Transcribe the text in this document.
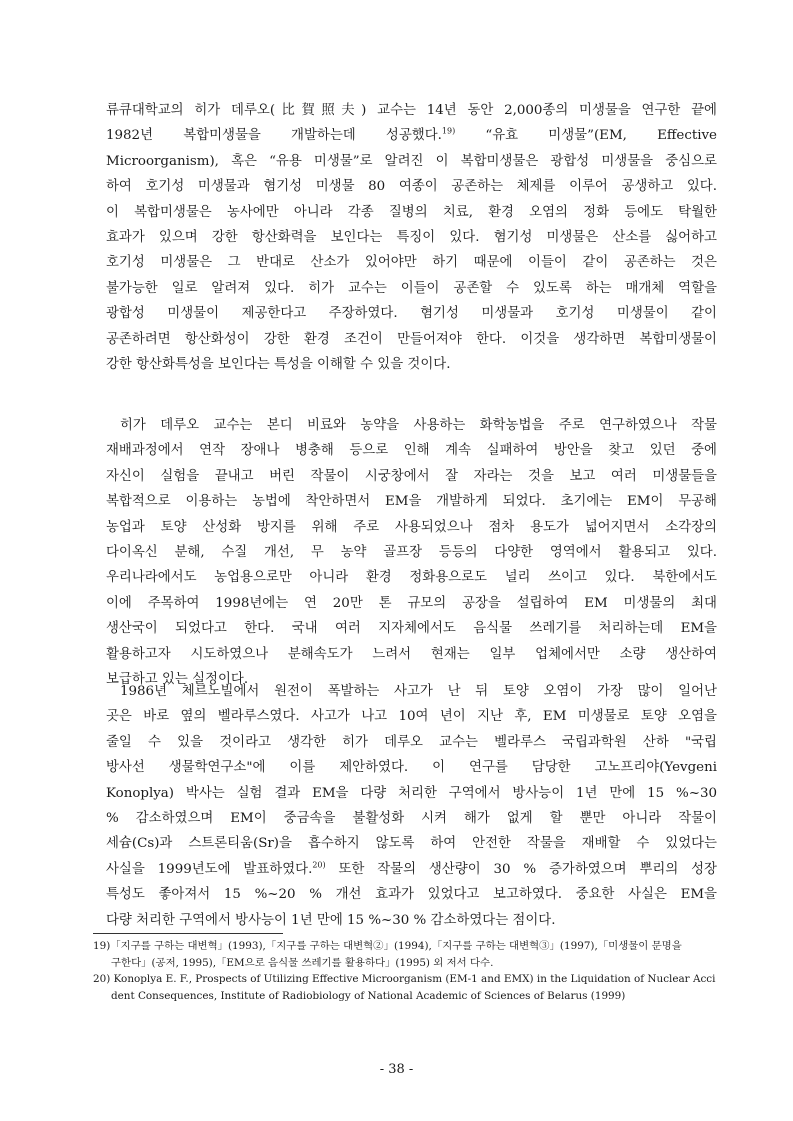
류큐대학교의 히가 데루오(比賀照夫) 교수는 14년 동안 2,000종의 미생물을 연구한 끝에
1982년 복합미생물을 개발하는데 성공했다.$^{19)}$ “유효 미생물”(EM, Effective
Microorganism), 혹은 “유용 미생물”로 알려진 이 복합미생물은 광합성 미생물을 중심으로
하여 호기성 미생물과 혐기성 미생물 80 여종이 공존하는 체제를 이루어 공생하고 있다.
이 복합미생물은 농사에만 아니라 각종 질병의 치료, 환경 오염의 정화 등에도 탁월한
효과가 있으며 강한 항산화력을 보인다는 특징이 있다. 혐기성 미생물은 산소를 싫어하고
호기성 미생물은 그 반대로 산소가 있어야만 하기 때문에 이들이 같이 공존하는 것은
불가능한 일로 알려져 있다. 히가 교수는 이들이 공존할 수 있도록 하는 매개체 역할을
광합성 미생물이 제공한다고 주장하였다. 혐기성 미생물과 호기성 미생물이 같이
공존하려면 항산화성이 강한 환경 조건이 만들어져야 한다. 이것을 생각하면 복합미생물이
강한 항산화특성을 보인다는 특성을 이해할 수 있을 것이다.

히가 데루오 교수는 본디 비료와 농약을 사용하는 화학농법을 주로 연구하였으나 작물
재배과정에서 연작 장애나 병충해 등으로 인해 계속 실패하여 방안을 찾고 있던 중에
자신이 실험을 끝내고 버린 작물이 시궁창에서 잘 자라는 것을 보고 여러 미생물들을
복합적으로 이용하는 농법에 착안하면서 EM을 개발하게 되었다. 초기에는 EM이 무공해
농업과 토양 산성화 방지를 위해 주로 사용되었으나 점차 용도가 넓어지면서 소각장의
다이옥신 분해, 수질 개선, 무 농약 골프장 등등의 다양한 영역에서 활용되고 있다.
우리나라에서도 농업용으로만 아니라 환경 정화용으로도 널리 쓰이고 있다. 북한에서도
이에 주목하여 1998년에는 연 20만 톤 규모의 공장을 설립하여 EM 미생물의 최대
생산국이 되었다고 한다. 국내 여러 지자체에서도 음식물 쓰레기를 처리하는데 EM을
활용하고자 시도하였으나 분해속도가 느려서 현재는 일부 업체에서만 소량 생산하여
보급하고 있는 실정이다.

1986년 체르노빌에서 원전이 폭발하는 사고가 난 뒤 토양 오염이 가장 많이 일어난
곳은 바로 옆의 벨라루스였다. 사고가 나고 10여 년이 지난 후, EM 미생물로 토양 오염을
줄일 수 있을 것이라고 생각한 히가 데루오 교수는 벨라루스 국립과학원 산하 "국립
방사선 생물학연구소"에 이를 제안하였다. 이 연구를 담당한 고노프리야(Yevgeni
Konoplya) 박사는 실험 결과 EM을 다량 처리한 구역에서 방사능이 1년 만에 15 %~30
% 감소하였으며 EM이 중금속을 불활성화 시켜 해가 없게 할 뿐만 아니라 작물이
세슘(Cs)과 스트론티움(Sr)을 흡수하지 않도록 하여 안전한 작물을 재배할 수 있었다는
사실을 1999년도에 발표하였다.$^{20)}$ 또한 작물의 생산량이 30 % 증가하였으며 뿌리의 성장
특성도 좋아져서 15 %~20 % 개선 효과가 있었다고 보고하였다. 중요한 사실은 EM을
다량 처리한 구역에서 방사능이 1년 만에 15 %~30 % 감소하였다는 점이다.

19)「지구를 구하는 대변혁」(1993),「지구를 구하는 대변혁②」(1994),「지구를 구하는 대변혁③」(1997),「미생물이 문명을
구한다」(공저, 1995),「EM으로 음식물 쓰레기를 활용하다」(1995) 외 저서 다수.

20) Konoplya E. F., Prospects of Utilizing Effective Microorganism (EM-1 and EMX) in the Liquidation of Nuclear Acci
dent Consequences, Institute of Radiobiology of National Academic of Sciences of Belarus (1999)

- 38 -
